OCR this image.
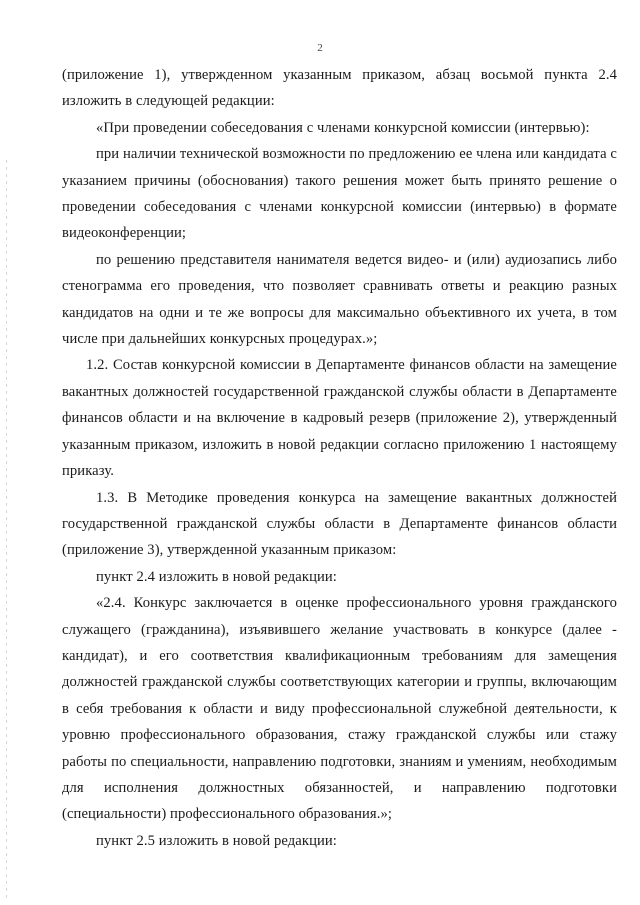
2

(приложение 1), утвержденном указанным приказом, абзац восьмой пункта 2.4 изложить в следующей редакции:

«При проведении собеседования с членами конкурсной комиссии (интервью):

при наличии технической возможности по предложению ее члена или кандидата с указанием причины (обоснования) такого решения может быть принято решение о проведении собеседования с членами конкурсной комиссии (интервью) в формате видеоконференции;

по решению представителя нанимателя ведется видео- и (или) аудиозапись либо стенограмма его проведения, что позволяет сравнивать ответы и реакцию разных кандидатов на одни и те же вопросы для максимально объективного их учета, в том числе при дальнейших конкурсных процедурах.»;

1.2. Состав конкурсной комиссии в Департаменте финансов области на замещение вакантных должностей государственной гражданской службы области в Департаменте финансов области и на включение в кадровый резерв (приложение 2), утвержденный указанным приказом, изложить в новой редакции согласно приложению 1 настоящему приказу.

1.3. В Методике проведения конкурса на замещение вакантных должностей государственной гражданской службы области в Департаменте финансов области (приложение 3), утвержденной указанным приказом:

пункт 2.4 изложить в новой редакции:

«2.4. Конкурс заключается в оценке профессионального уровня гражданского служащего (гражданина), изъявившего желание участвовать в конкурсе (далее - кандидат), и его соответствия квалификационным требованиям для замещения должностей гражданской службы соответствующих категории и группы, включающим в себя требования к области и виду профессиональной служебной деятельности, к уровню профессионального образования, стажу гражданской службы или стажу работы по специальности, направлению подготовки, знаниям и умениям, необходимым для исполнения должностных обязанностей, и направлению подготовки (специальности) профессионального образования.»;

пункт 2.5 изложить в новой редакции:
